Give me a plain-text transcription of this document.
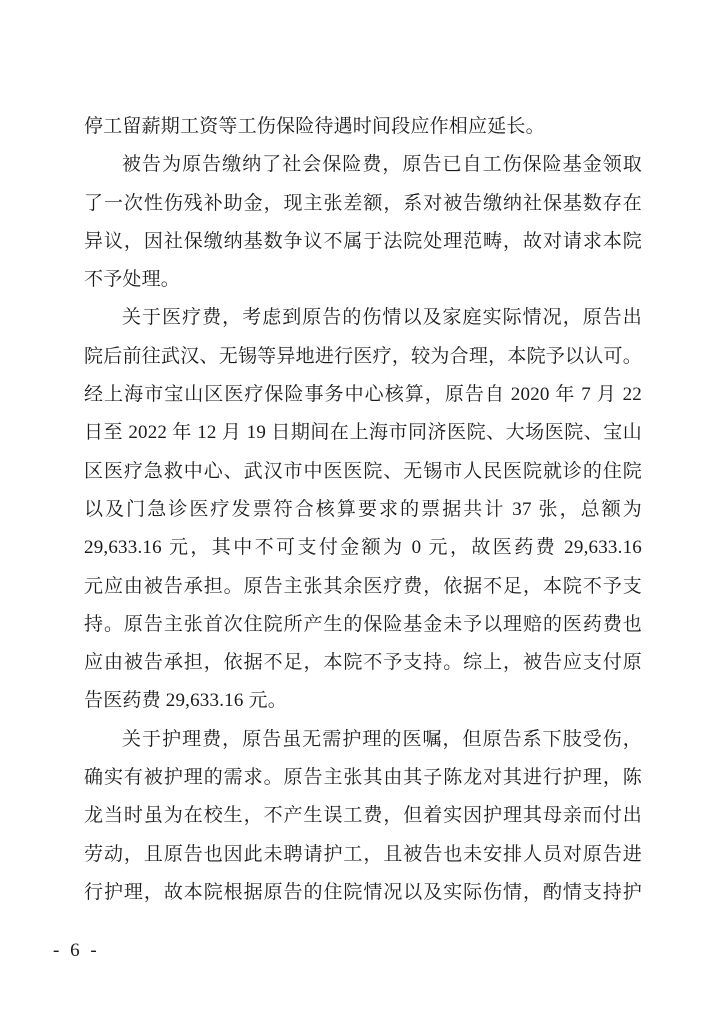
停工留薪期工资等工伤保险待遇时间段应作相应延长。
被告为原告缴纳了社会保险费，原告已自工伤保险基金领取
了一次性伤残补助金，现主张差额，系对被告缴纳社保基数存在
异议，因社保缴纳基数争议不属于法院处理范畴，故对请求本院
不予处理。
关于医疗费，考虑到原告的伤情以及家庭实际情况，原告出
院后前往武汉、无锡等异地进行医疗，较为合理，本院予以认可。
经上海市宝山区医疗保险事务中心核算，原告自 2020 年 7 月 22
日至 2022 年 12 月 19 日期间在上海市同济医院、大场医院、宝山
区医疗急救中心、武汉市中医医院、无锡市人民医院就诊的住院
以及门急诊医疗发票符合核算要求的票据共计 37 张，总额为
29,633.16 元，其中不可支付金额为 0 元，故医药费 29,633.16
元应由被告承担。原告主张其余医疗费，依据不足，本院不予支
持。原告主张首次住院所产生的保险基金未予以理赔的医药费也
应由被告承担，依据不足，本院不予支持。综上，被告应支付原
告医药费 29,633.16 元。
关于护理费，原告虽无需护理的医嘱，但原告系下肢受伤，
确实有被护理的需求。原告主张其由其子陈龙对其进行护理，陈
龙当时虽为在校生，不产生误工费，但着实因护理其母亲而付出
劳动，且原告也因此未聘请护工，且被告也未安排人员对原告进
行护理，故本院根据原告的住院情况以及实际伤情，酌情支持护
- 6 -
